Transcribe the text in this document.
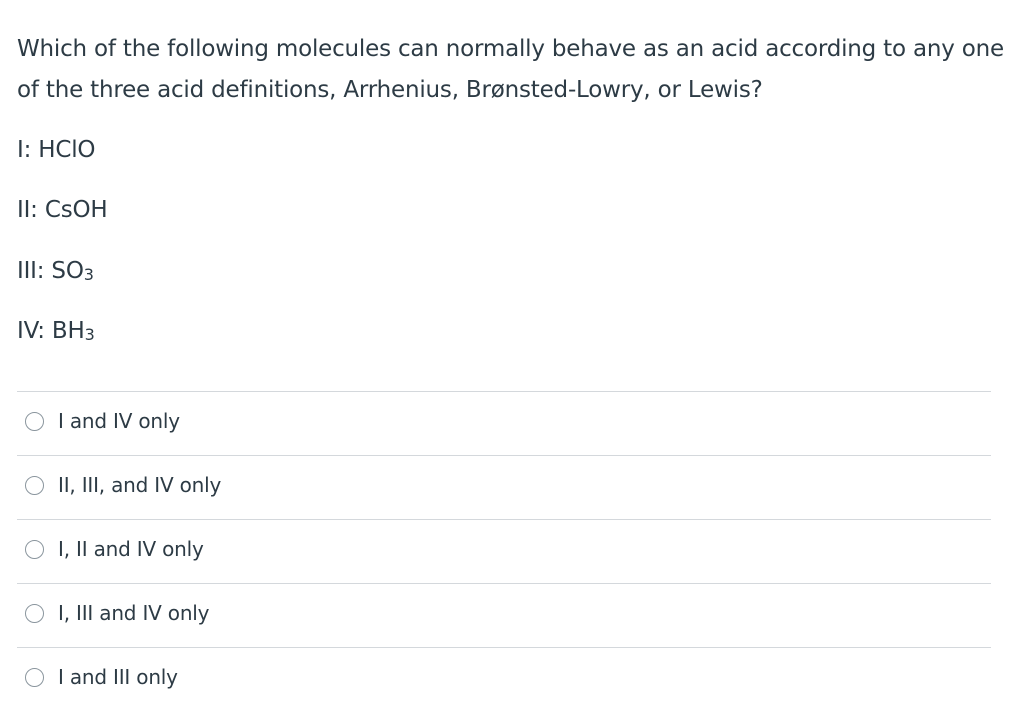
Which of the following molecules can normally behave as an acid according to any one of the three acid definitions, Arrhenius, Brønsted-Lowry, or Lewis?
I: HClO
II: CsOH
III: $SO_3$
IV: $BH_3$
I and IV only
II, III, and IV only
I, II and IV only
I, III and IV only
I and III only
